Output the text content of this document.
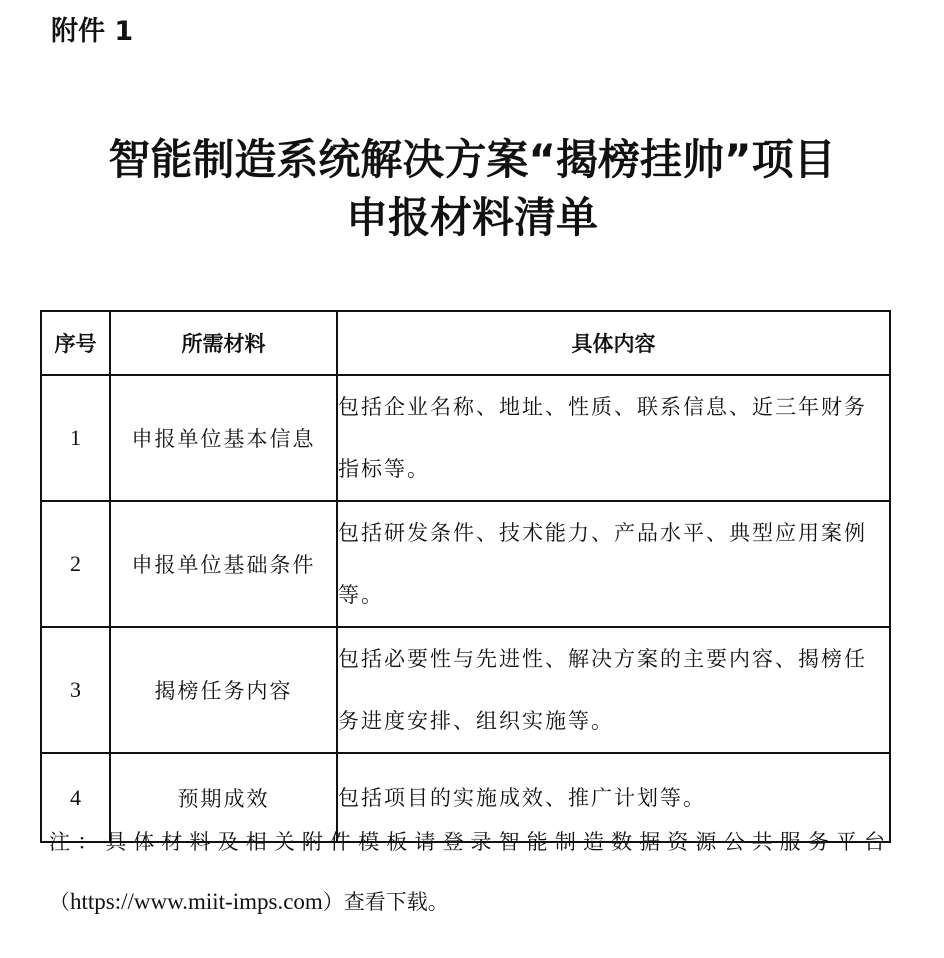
附件 1
智能制造系统解决方案“揭榜挂帅”项目
申报材料清单
序号	所需材料	具体内容
1	申报单位基本信息	包括企业名称、地址、性质、联系信息、近三年财务指标等。
2	申报单位基础条件	包括研发条件、技术能力、产品水平、典型应用案例等。
3	揭榜任务内容	包括必要性与先进性、解决方案的主要内容、揭榜任务进度安排、组织实施等。
4	预期成效	包括项目的实施成效、推广计划等。
注：具体材料及相关附件模板请登录智能制造数据资源公共服务平台
（https://www.miit-imps.com）查看下载。
